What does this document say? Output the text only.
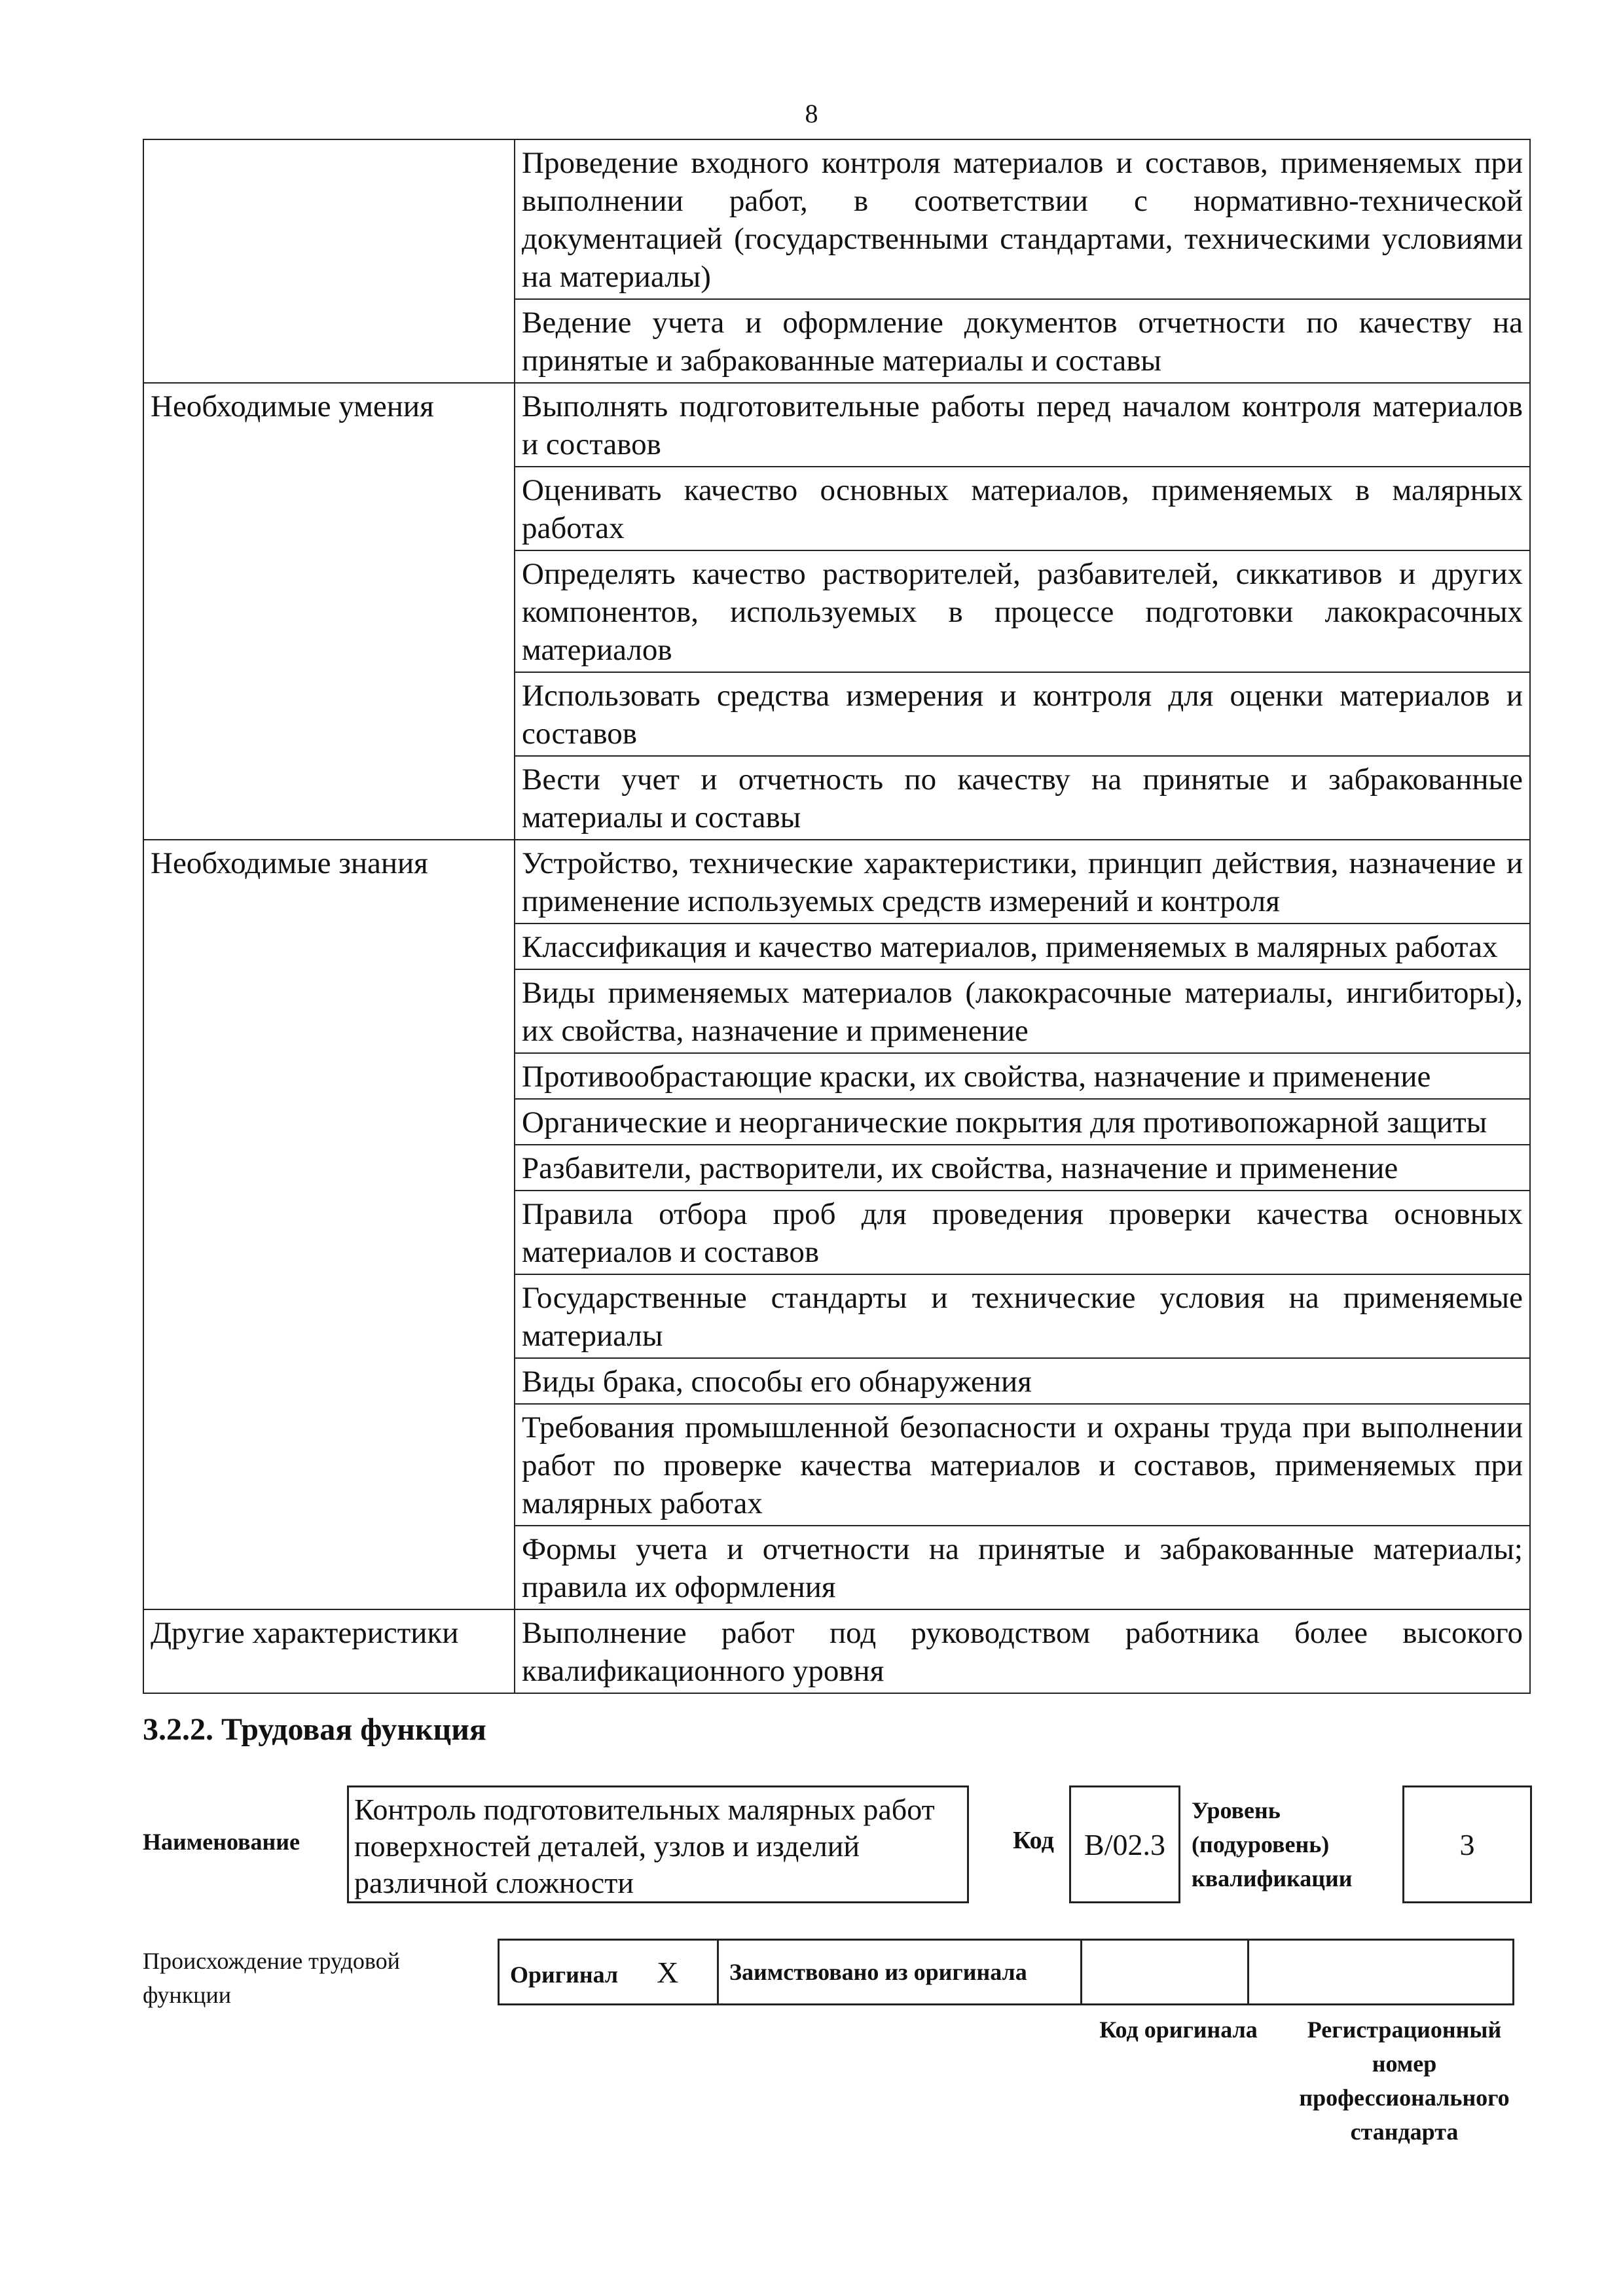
8
	Проведение входного контроля материалов и составов, применяемых при выполнении работ, в соответствии с нормативно-технической документацией (государственными стандартами, техническими условиями на материалы)
	Ведение учета и оформление документов отчетности по качеству на принятые и забракованные материалы и составы
Необходимые умения	Выполнять подготовительные работы перед началом контроля материалов и составов
	Оценивать качество основных материалов, применяемых в малярных работах
	Определять качество растворителей, разбавителей, сиккативов и других компонентов, используемых в процессе подготовки лакокрасочных материалов
	Использовать средства измерения и контроля для оценки материалов и составов
	Вести учет и отчетность по качеству на принятые и забракованные материалы и составы
Необходимые знания	Устройство, технические характеристики, принцип действия, назначение и применение используемых средств измерений и контроля
	Классификация и качество материалов, применяемых в малярных работах
	Виды применяемых материалов (лакокрасочные материалы, ингибиторы), их свойства, назначение и применение
	Противообрастающие краски, их свойства, назначение и применение
	Органические и неорганические покрытия для противопожарной защиты
	Разбавители, растворители, их свойства, назначение и применение
	Правила отбора проб для проведения проверки качества основных материалов и составов
	Государственные стандарты и технические условия на применяемые материалы
	Виды брака, способы его обнаружения
	Требования промышленной безопасности и охраны труда при выполнении работ по проверке качества материалов и составов, применяемых при малярных работах
	Формы учета и отчетности на принятые и забракованные материалы; правила их оформления
Другие характеристики	Выполнение работ под руководством работника более высокого квалификационного уровня
3.2.2. Трудовая функция
Наименование
Контроль подготовительных малярных работ поверхностей деталей, узлов и изделий различной сложности
Код	B/02.3
Уровень (подуровень) квалификации
3
Происхождение трудовой функции
Оригинал X	Заимствовано из оригинала		
Код оригинала	Регистрационный номер профессионального стандарта
